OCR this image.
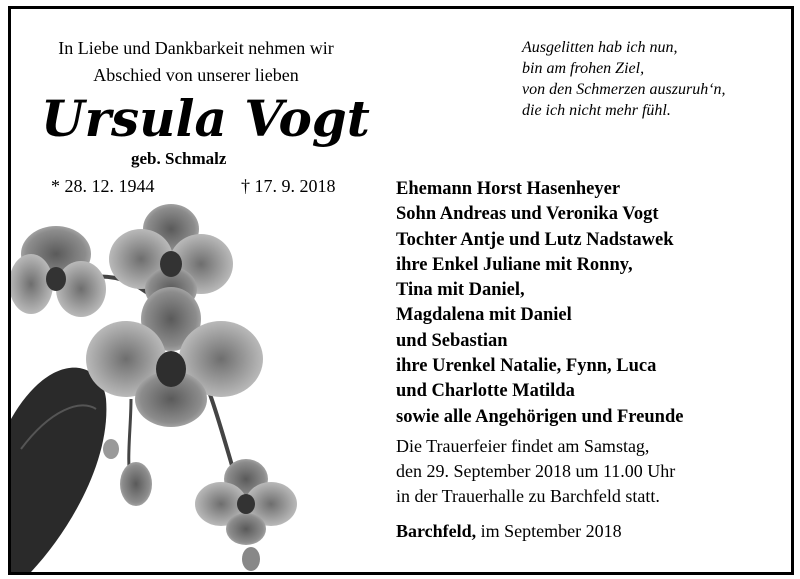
In Liebe und Dankbarkeit nehmen wir
Abschied von unserer lieben
Ursula Vogt
geb. Schmalz
* 28. 12. 1944	† 17. 9. 2018
Ausgelitten hab ich nun,
bin am frohen Ziel,
von den Schmerzen auszuruh‘n,
die ich nicht mehr fühl.
Ehemann Horst Hasenheyer
Sohn Andreas und Veronika Vogt
Tochter Antje und Lutz Nadstawek
ihre Enkel Juliane mit Ronny,
Tina mit Daniel,
Magdalena mit Daniel
und Sebastian
ihre Urenkel Natalie, Fynn, Luca
und Charlotte Matilda
sowie alle Angehörigen und Freunde
Die Trauerfeier findet am Samstag,
den 29. September 2018 um 11.00 Uhr
in der Trauerhalle zu Barchfeld statt.
Barchfeld, im September 2018
